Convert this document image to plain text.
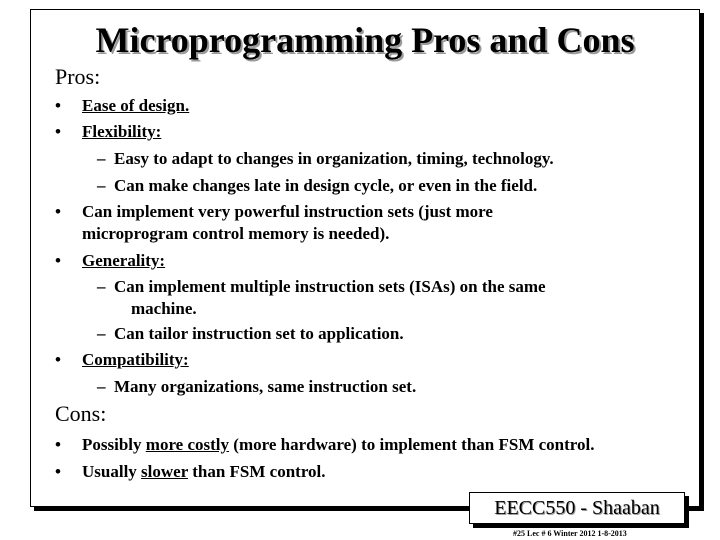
Microprogramming Pros and Cons
Pros:
• Ease of design.
• Flexibility:
– Easy to adapt to changes in organization, timing, technology.
– Can make changes late in design cycle, or even in the field.
• Can implement very powerful instruction sets (just more
microprogram control memory is needed).
• Generality:
– Can implement multiple instruction sets (ISAs) on the same
machine.
– Can tailor instruction set to application.
• Compatibility:
– Many organizations, same instruction set.
Cons:
• Possibly more costly (more hardware) to implement than FSM control.
• Usually slower than FSM control.
EECC550 - Shaaban
#25 Lec # 6 Winter 2012 1-8-2013
